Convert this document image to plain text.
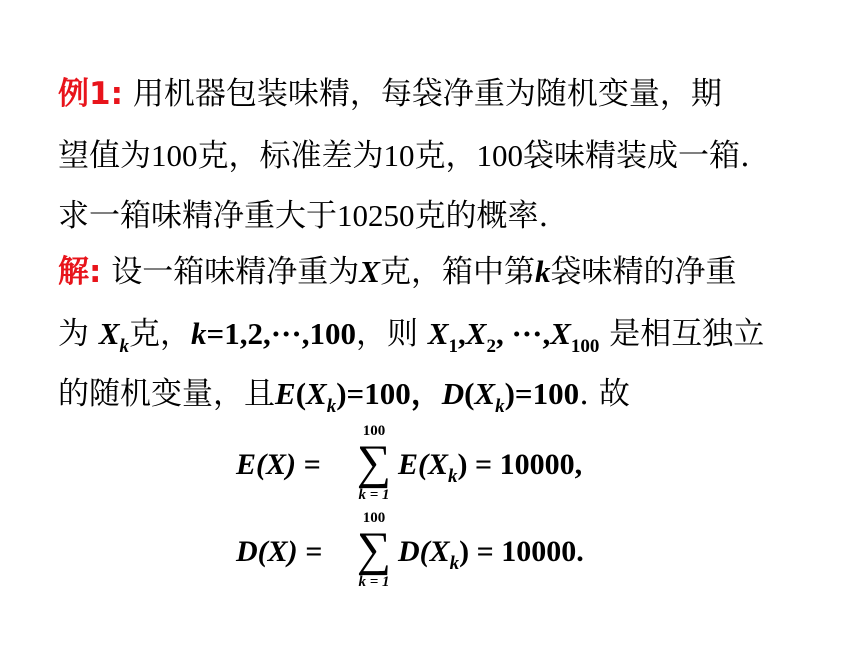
例1: 用机器包装味精，每袋净重为随机变量，期
望值为100克，标准差为10克，100袋味精装成一箱.
求一箱味精净重大于10250克的概率.
解: 设一箱味精净重为X克，箱中第k袋味精的净重
为 $X_k$克，k=1,2,···,100，则 $X_1,X_2$, $\cdot\cdot\cdot,X_{100}$ 是相互独立
的随机变量，且$E(X_k)=100$，$D(X_k)=100$. 故
E(X) =
100
∑
k = 1
$E(X_k) = 10000$,
D(X) =
100
∑
k = 1
$D(X_k) = 10000$.
